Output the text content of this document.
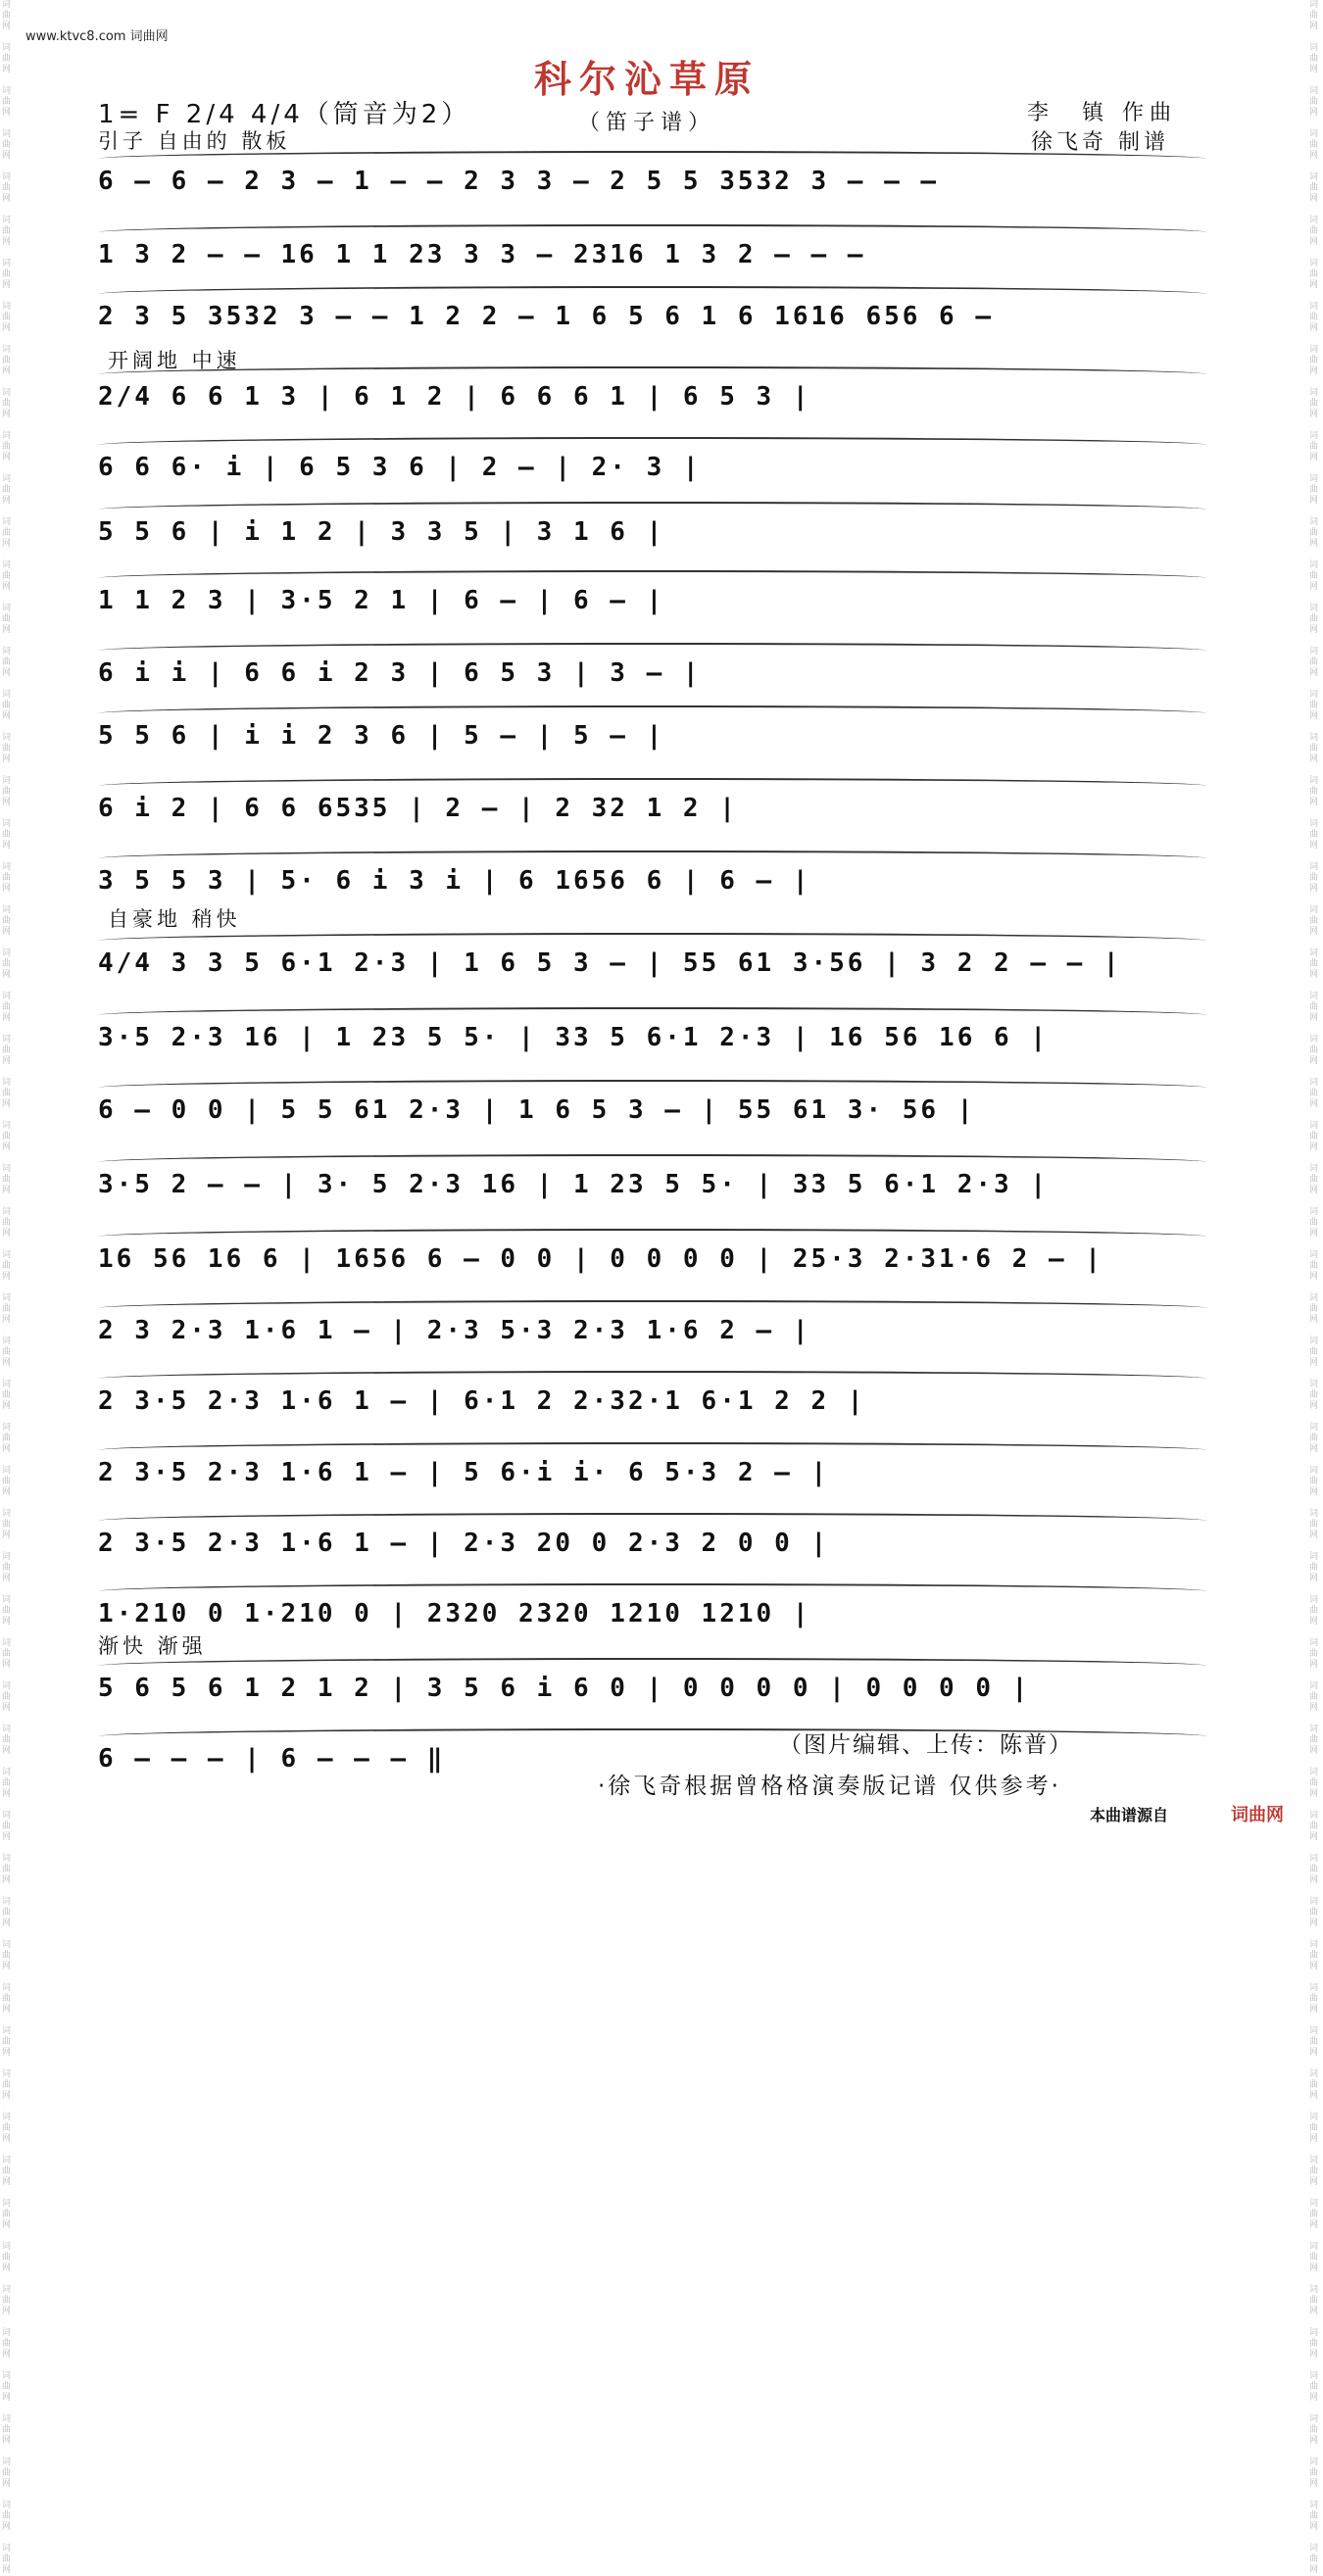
词
曲
网

词
曲
网

词
曲
网

词
曲
网

词
曲
网

词
曲
网

词
曲
网

词
曲
网

词
曲
网

词
曲
网

词
曲
网

词
曲
网

词
曲
网

词
曲
网

词
曲
网

词
曲
网

词
曲
网

词
曲
网

词
曲
网

词
曲
网

词
曲
网

词
曲
网

词
曲
网

词
曲
网

词
曲
网

词
曲
网

词
曲
网

词
曲
网

词
曲
网

词
曲
网

词
曲
网

词
曲
网

词
曲
网

词
曲
网

词
曲
网

词
曲
网

词
曲
网

词
曲
网

词
曲
网

词
曲
网

词
曲
网

词
曲
网

词
曲
网

词
曲
网

词
曲
网

词
曲
网

词
曲
网

词
曲
网

词
曲
网

词
曲
网

词
曲
网

词
曲
网

词
曲
网

词
曲
网

词
曲
网

词
曲
网

词
曲
网

词
曲
网

词
曲
网

词
曲
网

词
曲
网

词
曲
网

词
曲
网

词
曲
网

词
曲
网

词
曲
网

词
曲
网

词
曲
网

词
曲
网

词
曲
网

词
曲
网

词
曲
网

词
曲
网

词
曲
网

词
曲
网

词
曲
网

词
曲
网

词
曲
网

词
曲
网

词
曲
网

词
曲
网

词
曲
网

词
曲
网

词
曲
网

词
曲
网

词
曲
网

词
曲
网

词
曲
网

词
曲
网

词
曲
网

词
曲
网

词
曲
网

词
曲
网

词
曲
网

词
曲
网

词
曲
网

词
曲
网

词
曲
网

词
曲
网

词
曲
网

词
曲
网

词
曲
网

词
曲
网

词
曲
网

词
曲
网

词
曲
网

词
曲
网

词
曲
网

词
曲
网

词
曲
网

词
曲
网

词
曲
网

词
曲
网

词
曲
网

词
曲
网

词
曲
网

词
曲
网

词
曲
网

词
曲
网

词
曲
网

www.ktvc8.com 词曲网
科尔沁草原
（笛子谱）
1= F 2/4 4/4（筒音为2）	李　镇 作曲
徐飞奇 制谱
引子 自由的 散板
6 – 6 – 2 3 – 1 – – 2 3 3 – 2 5 5 3532 3 – – –
1 3 2 – – 16 1 1 23 3 3 – 2316 1 3 2 – – –
2 3 5 3532 3 – – 1 2 2 – 1 6 5 6 1 6 1616 656 6 –
2/4 6 6 1 3 | 6 1 2 | 6 6 6 1 | 6 5 3 |
6 6 6· i | 6 5 3 6 | 2 – | 2· 3 |
5 5 6 | i 1 2 | 3 3 5 | 3 1 6 |
1 1 2 3 | 3·5 2 1 | 6 – | 6 – |
6 i i | 6 6 i 2 3 | 6 5 3 | 3 – |
5 5 6 | i i 2 3 6 | 5 – | 5 – |
6 i 2 | 6 6 6535 | 2 – | 2 32 1 2 |
3 5 5 3 | 5· 6 i 3 i | 6 1656 6 | 6 – |
4/4 3 3 5 6·1 2·3 | 1 6 5 3 – | 55 61 3·56 | 3 2 2 – – |
3·5 2·3 16 | 1 23 5 5· | 33 5 6·1 2·3 | 16 56 16 6 |
6 – 0 0 | 5 5 61 2·3 | 1 6 5 3 – | 55 61 3· 56 |
3·5 2 – – | 3· 5 2·3 16 | 1 23 5 5· | 33 5 6·1 2·3 |
16 56 16 6 | 1656 6 – 0 0 | 0 0 0 0 | 25·3 2·31·6 2 – |
2 3 2·3 1·6 1 – | 2·3 5·3 2·3 1·6 2 – |
2 3·5 2·3 1·6 1 – | 6·1 2 2·32·1 6·1 2 2 |
2 3·5 2·3 1·6 1 – | 5 6·i i· 6 5·3 2 – |
2 3·5 2·3 1·6 1 – | 2·3 20 0 2·3 2 0 0 |
1·210 0 1·210 0 | 2320 2320 1210 1210 |
5 6 5 6 1 2 1 2 | 3 5 6 i 6 0 | 0 0 0 0 | 0 0 0 0 |
6 – – – | 6 – – – ‖
开阔地 中速
自豪地 稍快
渐快 渐强
（图片编辑、上传：陈普）
·徐飞奇根据曾格格演奏版记谱 仅供参考·
本曲谱源自	词曲网
